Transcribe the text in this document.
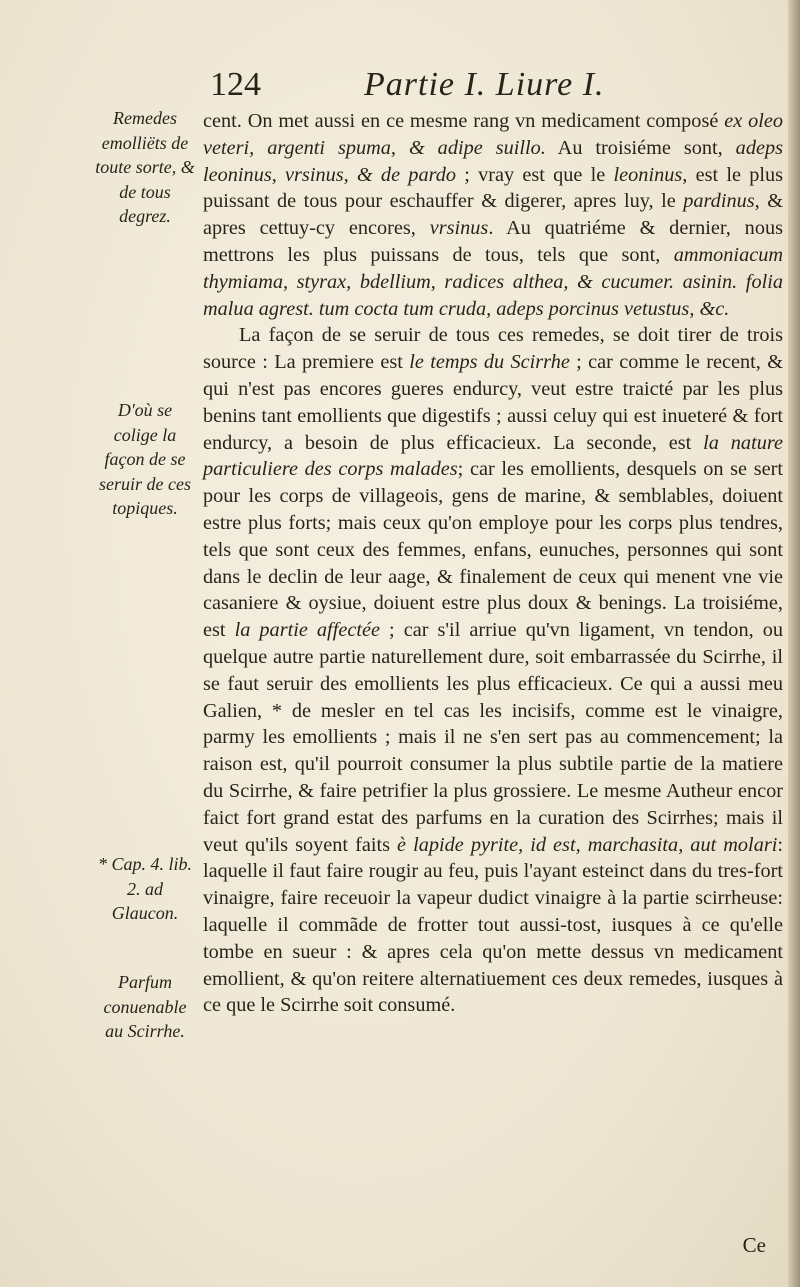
124	Partie I. Liure I.
Remedes emolliëts de toute sorte, & de tous degrez.
D'où se colige la façon de se seruir de ces topiques.
* Cap. 4. lib. 2. ad Glaucon.
Parfum conuenable au Scirrhe.

cent. On met aussi en ce mesme rang vn medicament composé ex oleo veteri, argenti spuma, & adipe suillo. Au troisiéme sont, adeps leoninus, vrsinus, & de pardo ; vray est que le leoninus, est le plus puissant de tous pour eschauffer & digerer, apres luy, le pardinus, & apres cettuy-cy encores, vrsinus. Au quatriéme & dernier, nous mettrons les plus puissans de tous, tels que sont, ammoniacum thymiama, styrax, bdellium, radices althea, & cucumer. asinin. folia malua agrest. tum cocta tum cruda, adeps porcinus vetustus, &c.

La façon de se seruir de tous ces remedes, se doit tirer de trois source : La premiere est le temps du Scirrhe ; car comme le recent, & qui n'est pas encores gueres endurcy, veut estre traicté par les plus benins tant emollients que digestifs ; aussi celuy qui est inueteré & fort endurcy, a besoin de plus efficacieux. La seconde, est la nature particuliere des corps malades; car les emollients, desquels on se sert pour les corps de villageois, gens de marine, & semblables, doiuent estre plus forts; mais ceux qu'on employe pour les corps plus tendres, tels que sont ceux des femmes, enfans, eunuches, personnes qui sont dans le declin de leur aage, & finalement de ceux qui menent vne vie casaniere & oysiue, doiuent estre plus doux & benings. La troisiéme, est la partie affectée ; car s'il arriue qu'vn ligament, vn tendon, ou quelque autre partie naturellement dure, soit embarrassée du Scirrhe, il se faut seruir des emollients les plus efficacieux. Ce qui a aussi meu Galien, * de mesler en tel cas les incisifs, comme est le vinaigre, parmy les emollients ; mais il ne s'en sert pas au commencement; la raison est, qu'il pourroit consumer la plus subtile partie de la matiere du Scirrhe, & faire petrifier la plus grossiere. Le mesme Autheur encor faict fort grand estat des parfums en la curation des Scirrhes; mais il veut qu'ils soyent faits è lapide pyrite, id est, marchasita, aut molari: laquelle il faut faire rougir au feu, puis l'ayant esteinct dans du tres-fort vinaigre, faire receuoir la vapeur dudict vinaigre à la partie scirrheuse: laquelle il commãde de frotter tout aussi-tost, iusques à ce qu'elle tombe en sueur : & apres cela qu'on mette dessus vn medicament emollient, & qu'on reitere alternatiuement ces deux remedes, iusques à ce que le Scirrhe soit consumé.

Ce
